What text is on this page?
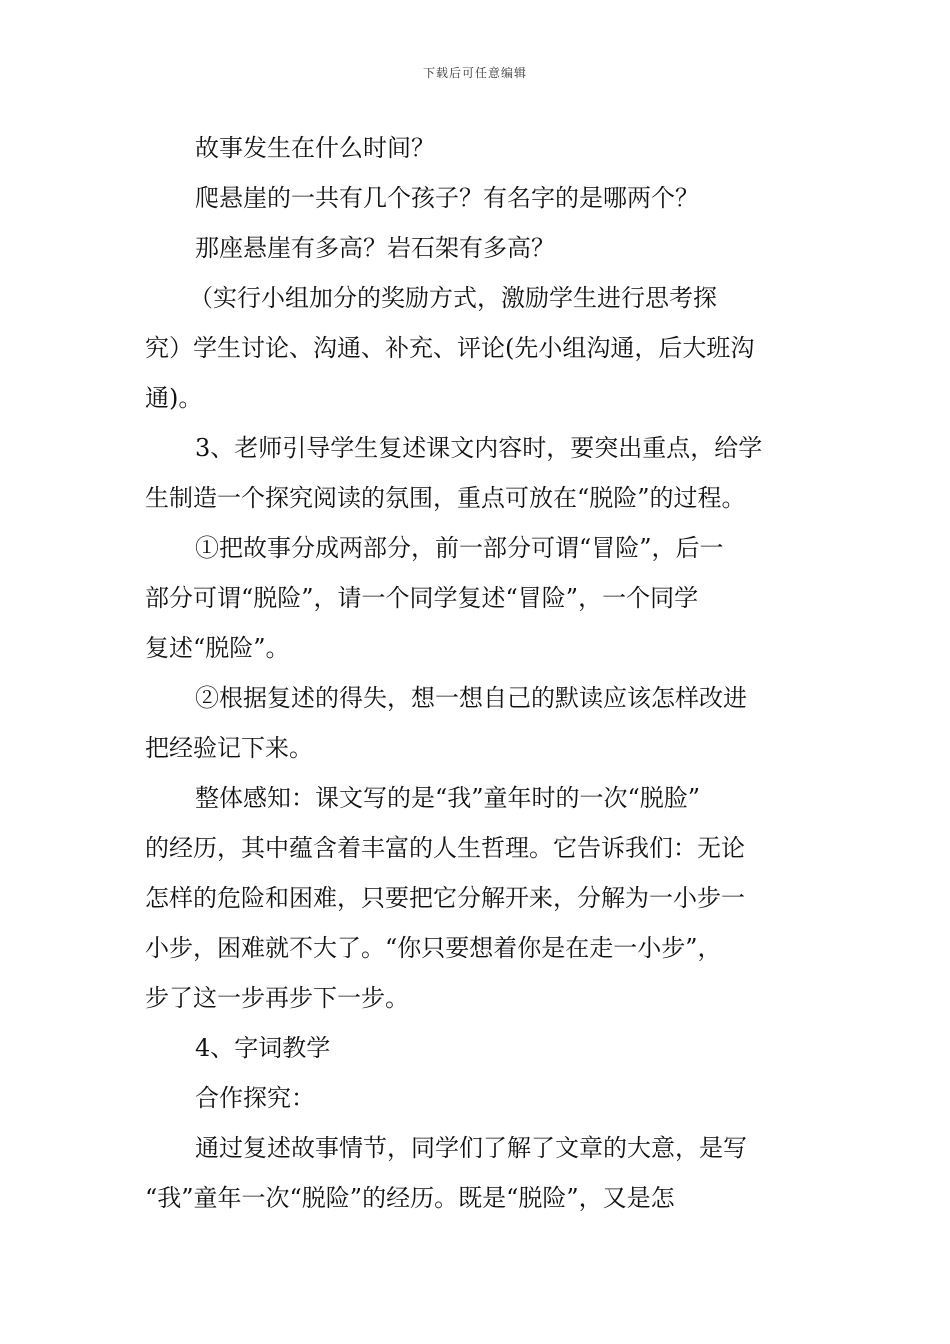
下载后可任意编辑

故事发生在什么时间？

爬悬崖的一共有几个孩子？有名字的是哪两个？

那座悬崖有多高？岩石架有多高？

（实行小组加分的奖励方式，激励学生进行思考探

究）学生讨论、沟通、补充、评论(先小组沟通，后大班沟

通)。

3、老师引导学生复述课文内容时，要突出重点，给学

生制造一个探究阅读的氛围，重点可放在“脱险”的过程。

①把故事分成两部分，前一部分可谓“冒险”，后一

部分可谓“脱险”，请一个同学复述“冒险”，一个同学

复述“脱险”。

②根据复述的得失，想一想自己的默读应该怎样改进

把经验记下来。

整体感知：课文写的是“我”童年时的一次“脱脸”

的经历，其中蕴含着丰富的人生哲理。它告诉我们：无论

怎样的危险和困难，只要把它分解开来，分解为一小步一

小步，困难就不大了。“你只要想着你是在走一小步”，

步了这一步再步下一步。

4、字词教学

合作探究：

通过复述故事情节，同学们了解了文章的大意，是写

“我”童年一次“脱险”的经历。既是“脱险”，又是怎
